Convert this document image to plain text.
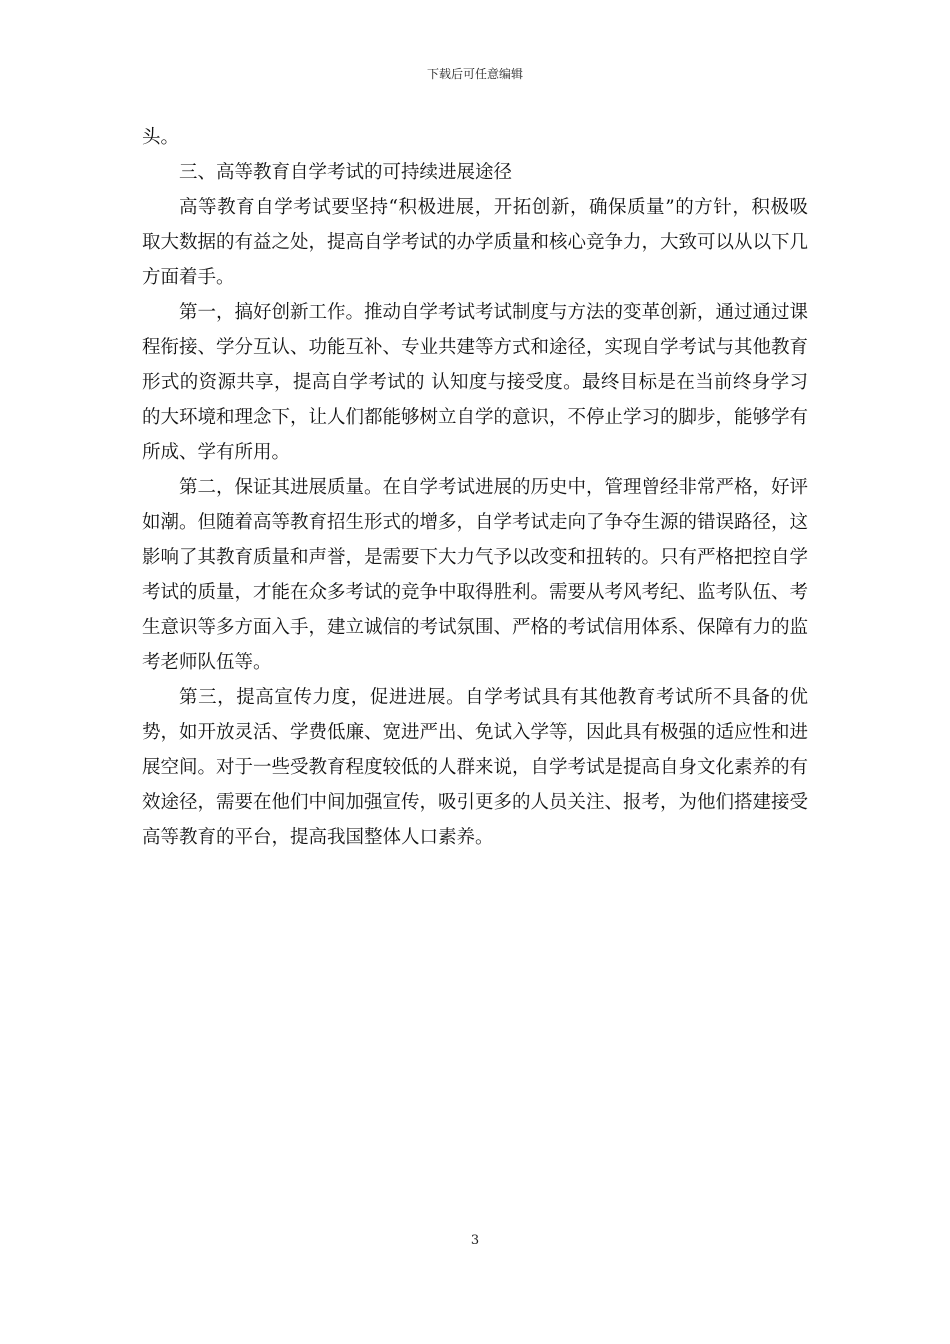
下载后可任意编辑

头。

三、高等教育自学考试的可持续进展途径

高等教育自学考试要坚持“积极进展，开拓创新，确保质量”的方针，积极吸取大数据的有益之处，提高自学考试的办学质量和核心竞争力，大致可以从以下几方面着手。

第一，搞好创新工作。推动自学考试考试制度与方法的变革创新，通过通过课程衔接、学分互认、功能互补、专业共建等方式和途径，实现自学考试与其他教育形式的资源共享，提高自学考试的 认知度与接受度。最终目标是在当前终身学习的大环境和理念下，让人们都能够树立自学的意识，不停止学习的脚步，能够学有所成、学有所用。

第二，保证其进展质量。在自学考试进展的历史中，管理曾经非常严格，好评如潮。但随着高等教育招生形式的增多，自学考试走向了争夺生源的错误路径，这影响了其教育质量和声誉，是需要下大力气予以改变和扭转的。只有严格把控自学考试的质量，才能在众多考试的竞争中取得胜利。需要从考风考纪、监考队伍、考生意识等多方面入手，建立诚信的考试氛围、严格的考试信用体系、保障有力的监考老师队伍等。

第三，提高宣传力度，促进进展。自学考试具有其他教育考试所不具备的优势，如开放灵活、学费低廉、宽进严出、免试入学等，因此具有极强的适应性和进展空间。对于一些受教育程度较低的人群来说，自学考试是提高自身文化素养的有效途径，需要在他们中间加强宣传，吸引更多的人员关注、报考，为他们搭建接受高等教育的平台，提高我国整体人口素养。

3
